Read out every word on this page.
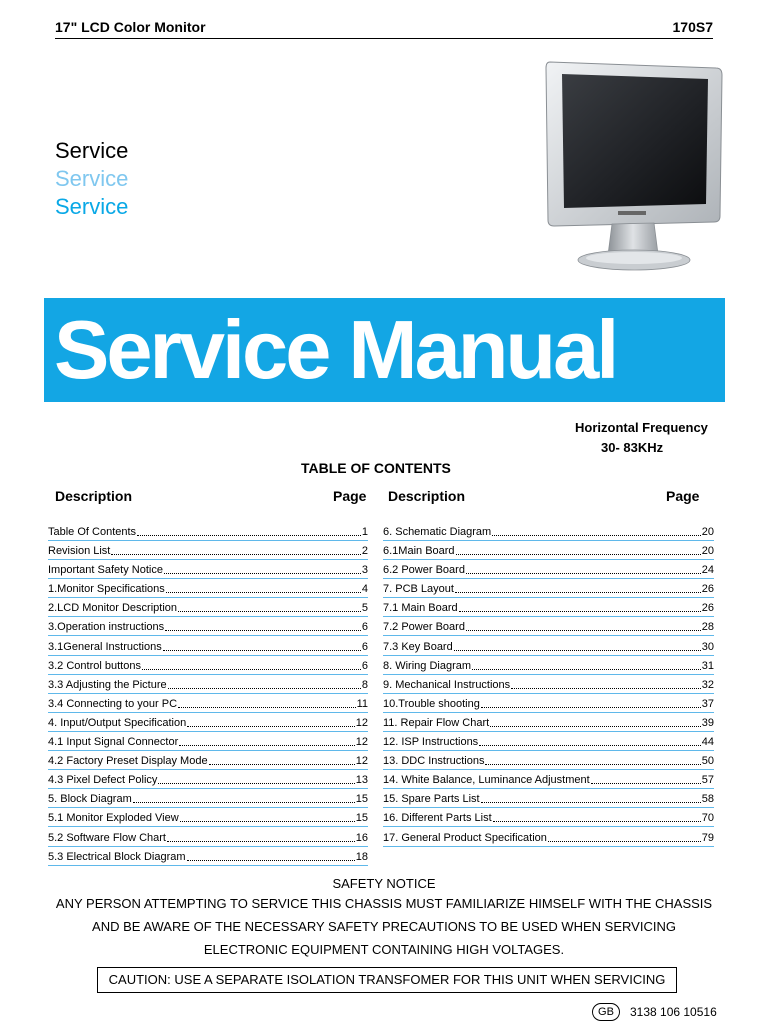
17" LCD Color Monitor	170S7
Service
Service
Service
Service Manual
Horizontal Frequency
30- 83KHz
TABLE OF CONTENTS
Description	Page Description	Page
Table Of Contents	1
Revision List	2
Important Safety Notice	3
1.Monitor Specifications	4
2.LCD Monitor Description	5
3.Operation instructions	6
3.1General Instructions	6
3.2 Control buttons	6
3.3 Adjusting the Picture	8
3.4 Connecting to your PC	11
4. Input/Output Specification	12
4.1 Input Signal Connector	12
4.2 Factory Preset Display Mode	12
4.3 Pixel Defect Policy	13
5. Block Diagram	15
5.1 Monitor Exploded View	15
5.2 Software Flow Chart	16
5.3 Electrical Block Diagram	18
6. Schematic Diagram	20
6.1Main Board	20
6.2 Power Board	24
7. PCB Layout	26
7.1 Main Board	26
7.2 Power Board	28
7.3 Key Board	30
8. Wiring Diagram	31
9. Mechanical Instructions	32
10.Trouble shooting	37
11. Repair Flow Chart	39
12. ISP Instructions	44
13. DDC Instructions	50
14. White Balance, Luminance Adjustment	57
15. Spare Parts List	58
16. Different Parts List	70
17. General Product Specification	79
SAFETY NOTICE
ANY PERSON ATTEMPTING TO SERVICE THIS CHASSIS MUST FAMILIARIZE HIMSELF WITH THE CHASSIS
AND BE AWARE OF THE NECESSARY SAFETY PRECAUTIONS TO BE USED WHEN SERVICING
ELECTRONIC EQUIPMENT CONTAINING HIGH VOLTAGES.
CAUTION: USE A SEPARATE ISOLATION TRANSFOMER FOR THIS UNIT WHEN SERVICING
GB	3138 106 10516
